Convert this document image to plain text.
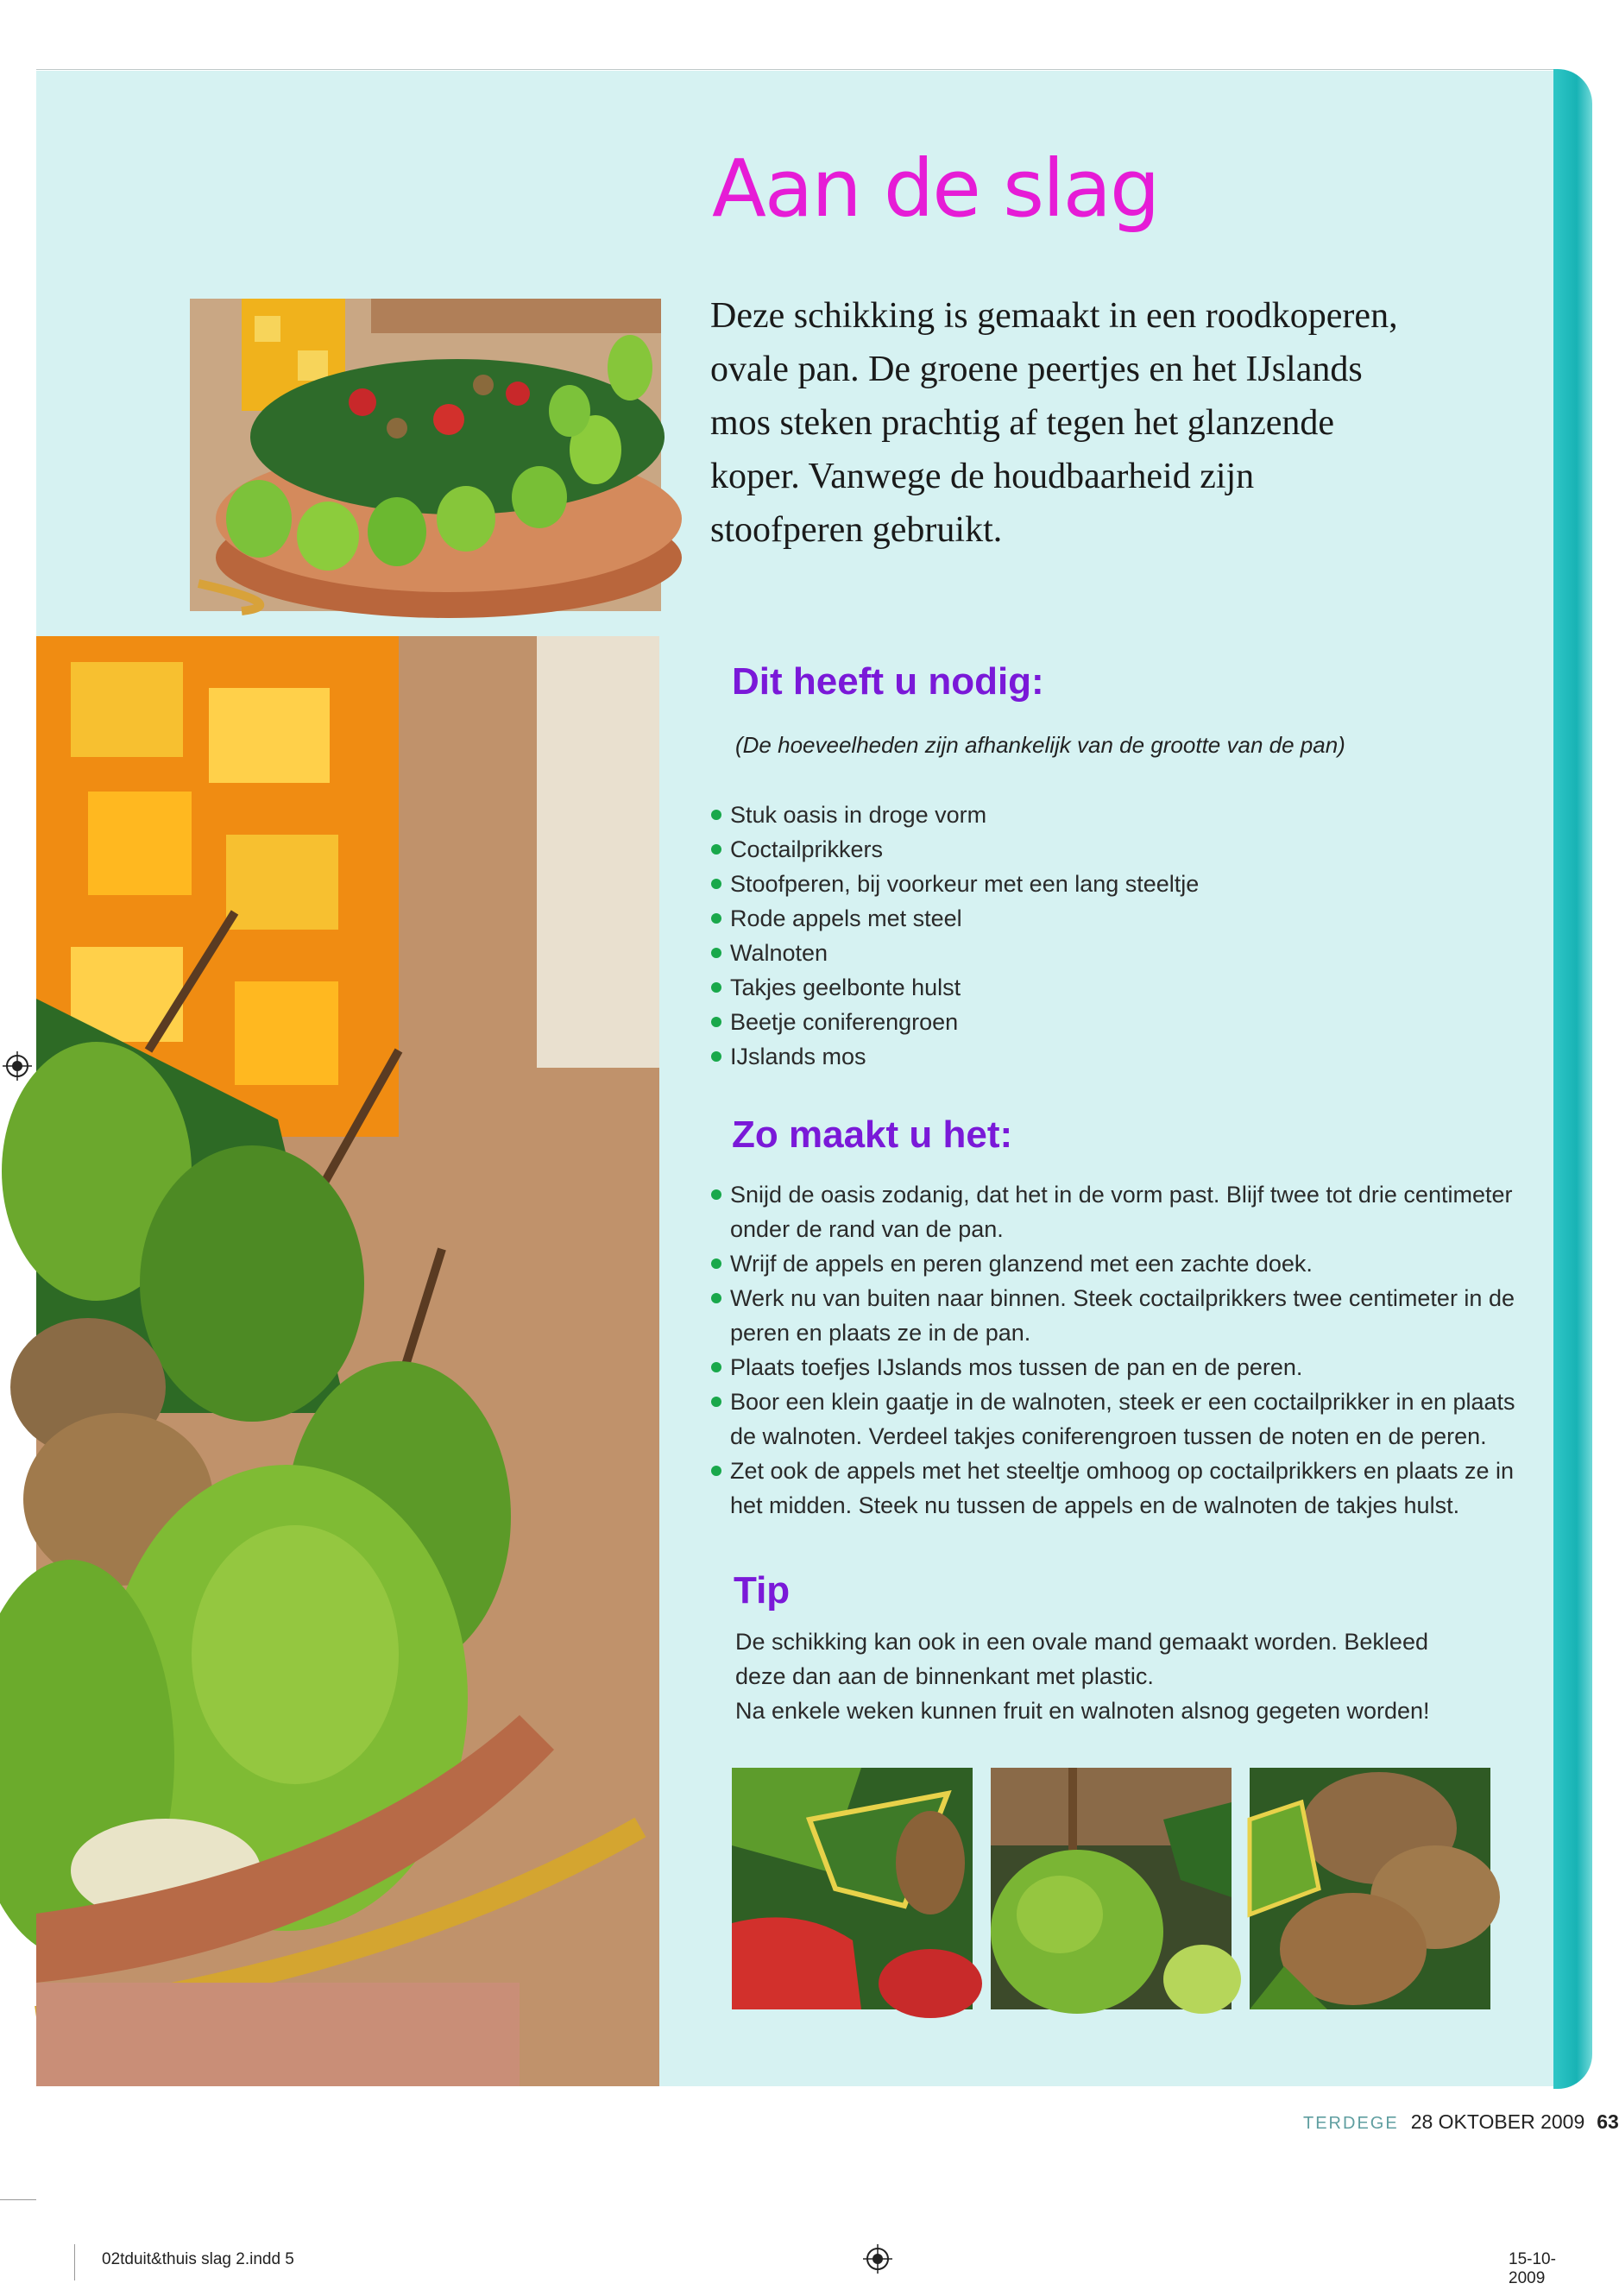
Aan de slag

Deze schikking is gemaakt in een roodkoperen, ovale pan. De groene peertjes en het IJslands mos steken prachtig af tegen het glanzende koper. Vanwege de houdbaarheid zijn stoofperen gebruikt.

Dit heeft u nodig:

(De hoeveelheden zijn afhankelijk van de grootte van de pan)

Stuk oasis in droge vorm
Coctailprikkers
Stoofperen, bij voorkeur met een lang steeltje
Rode appels met steel
Walnoten
Takjes geelbonte hulst
Beetje coniferengroen
IJslands mos
Zo maakt u het:
Snijd de oasis zodanig, dat het in de vorm past. Blijf twee tot drie centimeter onder de rand van de pan.
Wrijf de appels en peren glanzend met een zachte doek.
Werk nu van buiten naar binnen. Steek coctailprikkers twee centimeter in de peren en plaats ze in de pan.
Plaats toefjes IJslands mos tussen de pan en de peren.
Boor een klein gaatje in de walnoten, steek er een coctailprikker in en plaats de walnoten. Verdeel takjes coniferengroen tussen de noten en de peren.
Zet ook de appels met het steeltje omhoog op coctailprikkers en plaats ze in het midden. Steek nu tussen de appels en de walnoten de takjes hulst.
Tip

De schikking kan ook in een ovale mand gemaakt worden. Bekleed
deze dan aan de binnenkant met plastic.
Na enkele weken kunnen fruit en walnoten alsnog gegeten worden!

TERDEGE 28 OKTOBER 2009 63
02tduit&thuis slag 2.indd 5	15-10-2009
